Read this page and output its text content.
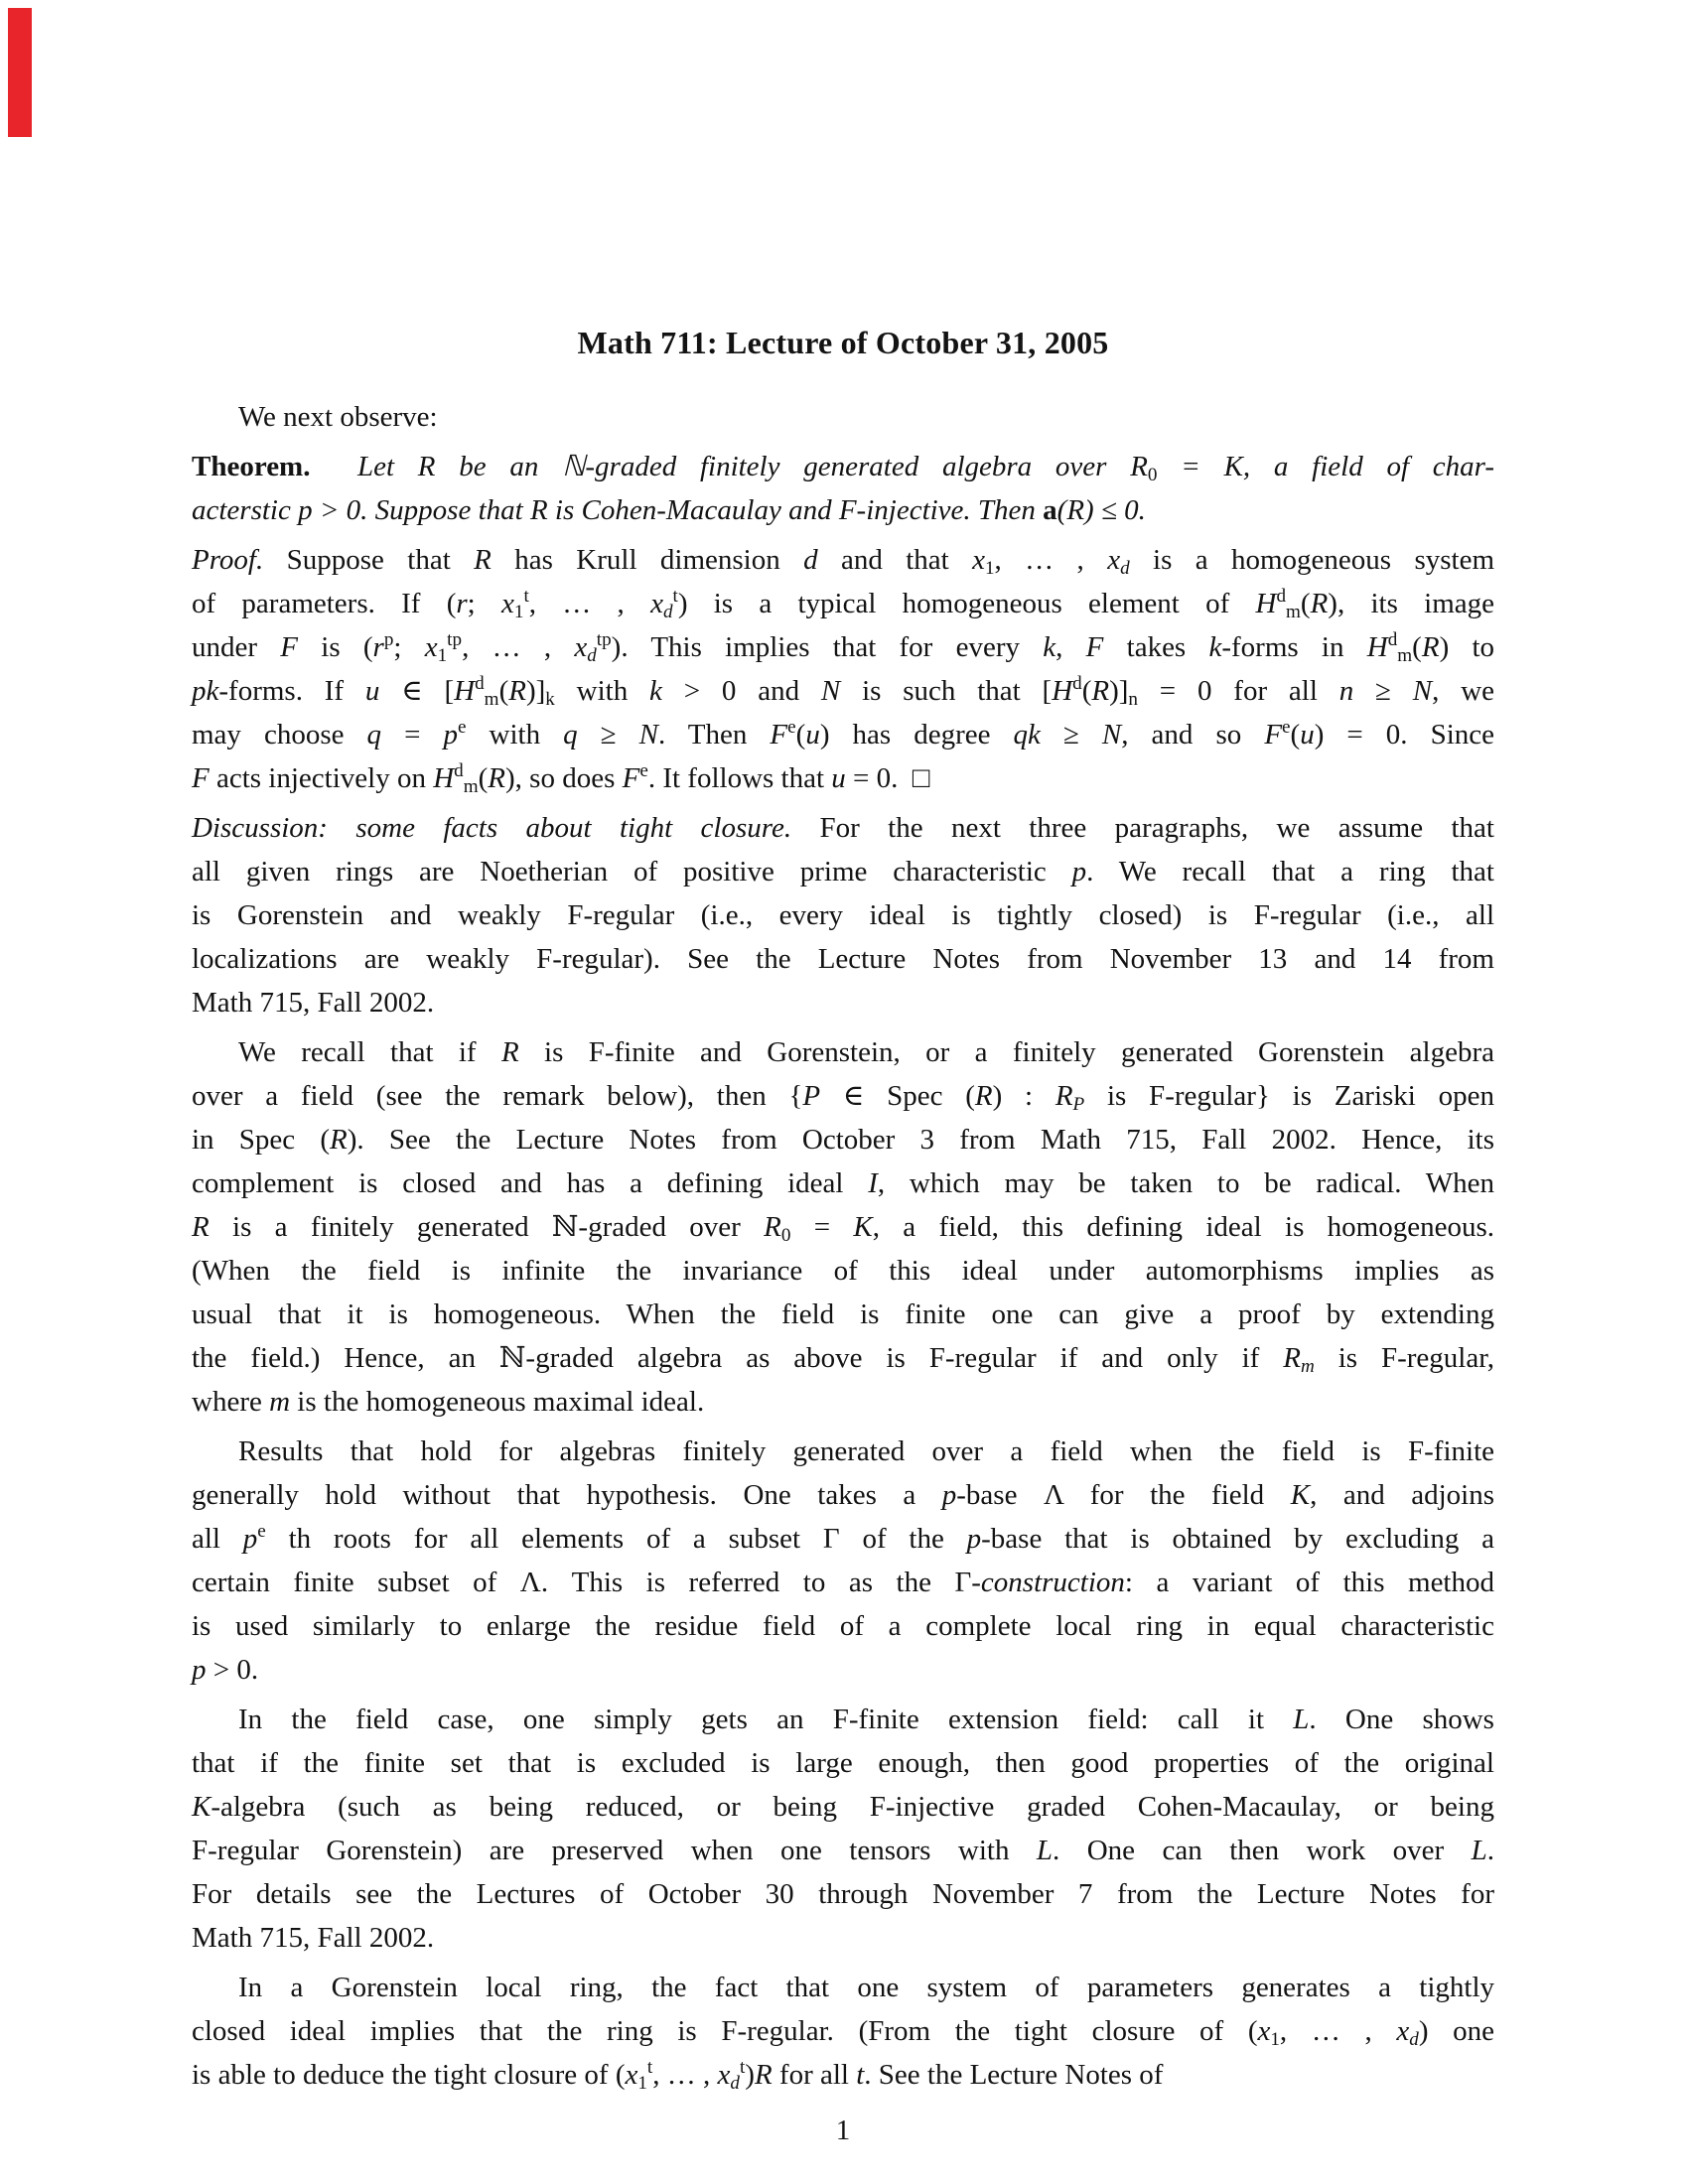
Math 711: Lecture of October 31, 2005
We next observe:
Theorem. Let R be an ℕ-graded finitely generated algebra over $R_0 = K$, a field of char-
acterstic p > 0. Suppose that R is Cohen-Macaulay and F-injective. Then a(R) ≤ 0.
Proof. Suppose that R has Krull dimension d and that $x_1$, … , $x_d$ is a homogeneous system
of parameters. If (r; $x_1^t$, … , $x_d^t$) is a typical homogeneous element of $H^d_m(R)$, its image
under F is ($r^p$; $x_1^{tp}$, … , $x_d^{tp}$). This implies that for every k, F takes k-forms in $H^d_m(R)$ to
pk-forms. If u ∈ $[H^d_m(R)]_k$ with k > 0 and N is such that $[H^d(R)]_n = 0$ for all n ≥ N, we
may choose $q = p^e$ with q ≥ N. Then $F^e(u)$ has degree qk ≥ N, and so $F^e(u) = 0$. Since
F acts injectively on $H^d_m(R)$, so does $F^e$. It follows that u = 0.  □
Discussion: some facts about tight closure. For the next three paragraphs, we assume that
all given rings are Noetherian of positive prime characteristic p. We recall that a ring that
is Gorenstein and weakly F-regular (i.e., every ideal is tightly closed) is F-regular (i.e., all
localizations are weakly F-regular). See the Lecture Notes from November 13 and 14 from
Math 715, Fall 2002.
We recall that if R is F-finite and Gorenstein, or a finitely generated Gorenstein algebra
over a field (see the remark below), then {P ∈ Spec (R) : $R_P$ is F-regular} is Zariski open
in Spec (R). See the Lecture Notes from October 3 from Math 715, Fall 2002. Hence, its
complement is closed and has a defining ideal I, which may be taken to be radical. When
R is a finitely generated ℕ-graded over $R_0 = K$, a field, this defining ideal is homogeneous.
(When the field is infinite the invariance of this ideal under automorphisms implies as
usual that it is homogeneous. When the field is finite one can give a proof by extending
the field.) Hence, an ℕ-graded algebra as above is F-regular if and only if $R_m$ is F-regular,
where m is the homogeneous maximal ideal.
Results that hold for algebras finitely generated over a field when the field is F-finite
generally hold without that hypothesis. One takes a p-base Λ for the field K, and adjoins
all $p^e$ th roots for all elements of a subset Γ of the p-base that is obtained by excluding a
certain finite subset of Λ. This is referred to as the Γ-construction: a variant of this method
is used similarly to enlarge the residue field of a complete local ring in equal characteristic
p > 0.
In the field case, one simply gets an F-finite extension field: call it L. One shows
that if the finite set that is excluded is large enough, then good properties of the original
K-algebra (such as being reduced, or being F-injective graded Cohen-Macaulay, or being
F-regular Gorenstein) are preserved when one tensors with L. One can then work over L.
For details see the Lectures of October 30 through November 7 from the Lecture Notes for
Math 715, Fall 2002.
In a Gorenstein local ring, the fact that one system of parameters generates a tightly
closed ideal implies that the ring is F-regular. (From the tight closure of ($x_1$, … , $x_d$) one
is able to deduce the tight closure of ($x_1^t$, … , $x_d^t)R$ for all t. See the Lecture Notes of
1
